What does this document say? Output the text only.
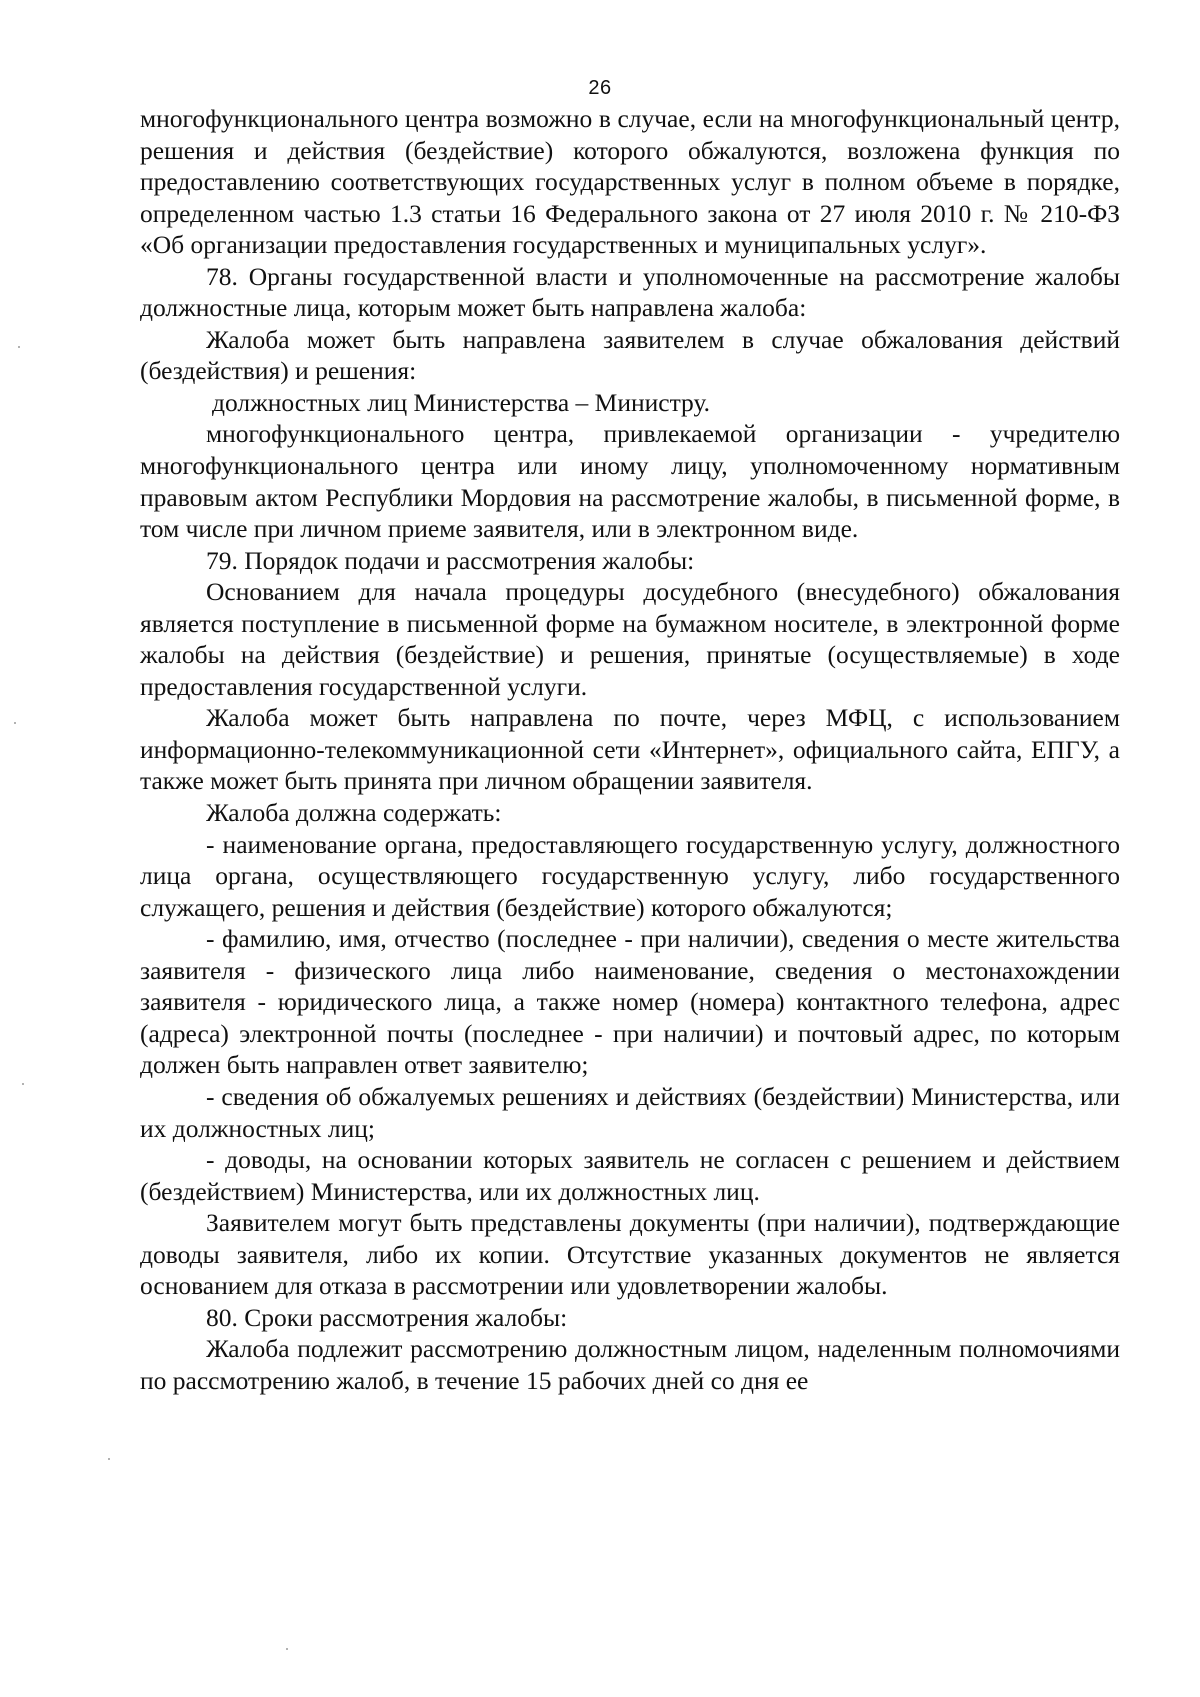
26

многофункционального центра возможно в случае, если на многофункциональный центр, решения и действия (бездействие) которого обжалуются, возложена функция по предоставлению соответствующих государственных услуг в полном объеме в порядке, определенном частью 1.3 статьи 16 Федерального закона от 27 июля 2010 г. № 210-ФЗ «Об организации предоставления государственных и муниципальных услуг».

78. Органы государственной власти и уполномоченные на рассмотрение жалобы должностные лица, которым может быть направлена жалоба:

Жалоба может быть направлена заявителем в случае обжалования действий (бездействия) и решения:

должностных лиц Министерства – Министру.

многофункционального центра, привлекаемой организации - учредителю многофункционального центра или иному лицу, уполномоченному нормативным правовым актом Республики Мордовия на рассмотрение жалобы, в письменной форме, в том числе при личном приеме заявителя, или в электронном виде.

79. Порядок подачи и рассмотрения жалобы:

Основанием для начала процедуры досудебного (внесудебного) обжалования является поступление в письменной форме на бумажном носителе, в электронной форме жалобы на действия (бездействие) и решения, принятые (осуществляемые) в ходе предоставления государственной услуги.

Жалоба может быть направлена по почте, через МФЦ, с использованием информационно-телекоммуникационной сети «Интернет», официального сайта, ЕПГУ, а также может быть принята при личном обращении заявителя.

Жалоба должна содержать:

- наименование органа, предоставляющего государственную услугу, должностного лица органа, осуществляющего государственную услугу, либо государственного служащего, решения и действия (бездействие) которого обжалуются;

- фамилию, имя, отчество (последнее - при наличии), сведения о месте жительства заявителя - физического лица либо наименование, сведения о местонахождении заявителя - юридического лица, а также номер (номера) контактного телефона, адрес (адреса) электронной почты (последнее - при наличии) и почтовый адрес, по которым должен быть направлен ответ заявителю;

- сведения об обжалуемых решениях и действиях (бездействии) Министерства, или их должностных лиц;

- доводы, на основании которых заявитель не согласен с решением и действием (бездействием) Министерства, или их должностных лиц.

Заявителем могут быть представлены документы (при наличии), подтверждающие доводы заявителя, либо их копии. Отсутствие указанных документов не является основанием для отказа в рассмотрении или удовлетворении жалобы.

80. Сроки рассмотрения жалобы:

Жалоба подлежит рассмотрению должностным лицом, наделенным полномочиями по рассмотрению жалоб, в течение 15 рабочих дней со дня ее
